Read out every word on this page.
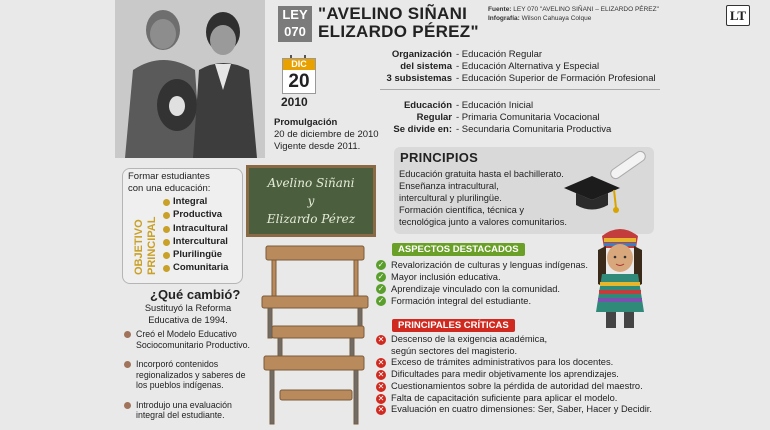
LEY
070
"AVELINO SIÑANI
ELIZARDO PÉREZ"
Fuente: LEY 070 "AVELINO SIÑANI – ELIZARDO PÉREZ"
Infografía: Wilson Cahuaya Colque	LT
DIC
20
2010
Promulgación
20 de diciembre de 2010
Vigente desde 2011.
Organización
del sistema
3 subsistemas
- Educación Regular
- Educación Alternativa y Especial
- Educación Superior de Formación Profesional
Educación
Regular
Se divide en:
- Educación Inicial
- Primaria Comunitaria Vocacional
- Secundaria Comunitaria Productiva
PRINCIPIOS
Educación gratuita hasta el bachillerato.
Enseñanza intracultural,
intercultural y plurilingüe.
Formación científica, técnica y
tecnológica junto a valores comunitarios.
Formar estudiantes
con una educación:
OBJETIVO PRINCIPAL
Integral
Productiva
Intracultural
Intercultural
Plurilingüe
Comunitaria
Avelino Siñani
y
Elizardo Pérez
¿Qué cambió?
Sustituyó la Reforma
Educativa de 1994.
Creó el Modelo Educativo
Sociocomunitario Productivo.
Incorporó contenidos
regionalizados y saberes de
los pueblos indígenas.
Introdujo una evaluación
integral del estudiante.
ASPECTOS DESTACADOS
✓ Revalorización de culturas y lenguas indígenas.
✓ Mayor inclusión educativa.
✓ Aprendizaje vinculado con la comunidad.
✓ Formación integral del estudiante.
PRINCIPALES CRÍTICAS
✕ Descenso de la exigencia académica,
según sectores del magisterio.
✕ Exceso de trámites administrativos para los docentes.
✕ Dificultades para medir objetivamente los aprendizajes.
✕ Cuestionamientos sobre la pérdida de autoridad del maestro.
✕ Falta de capacitación suficiente para aplicar el modelo.
✕ Evaluación en cuatro dimensiones: Ser, Saber, Hacer y Decidir.
